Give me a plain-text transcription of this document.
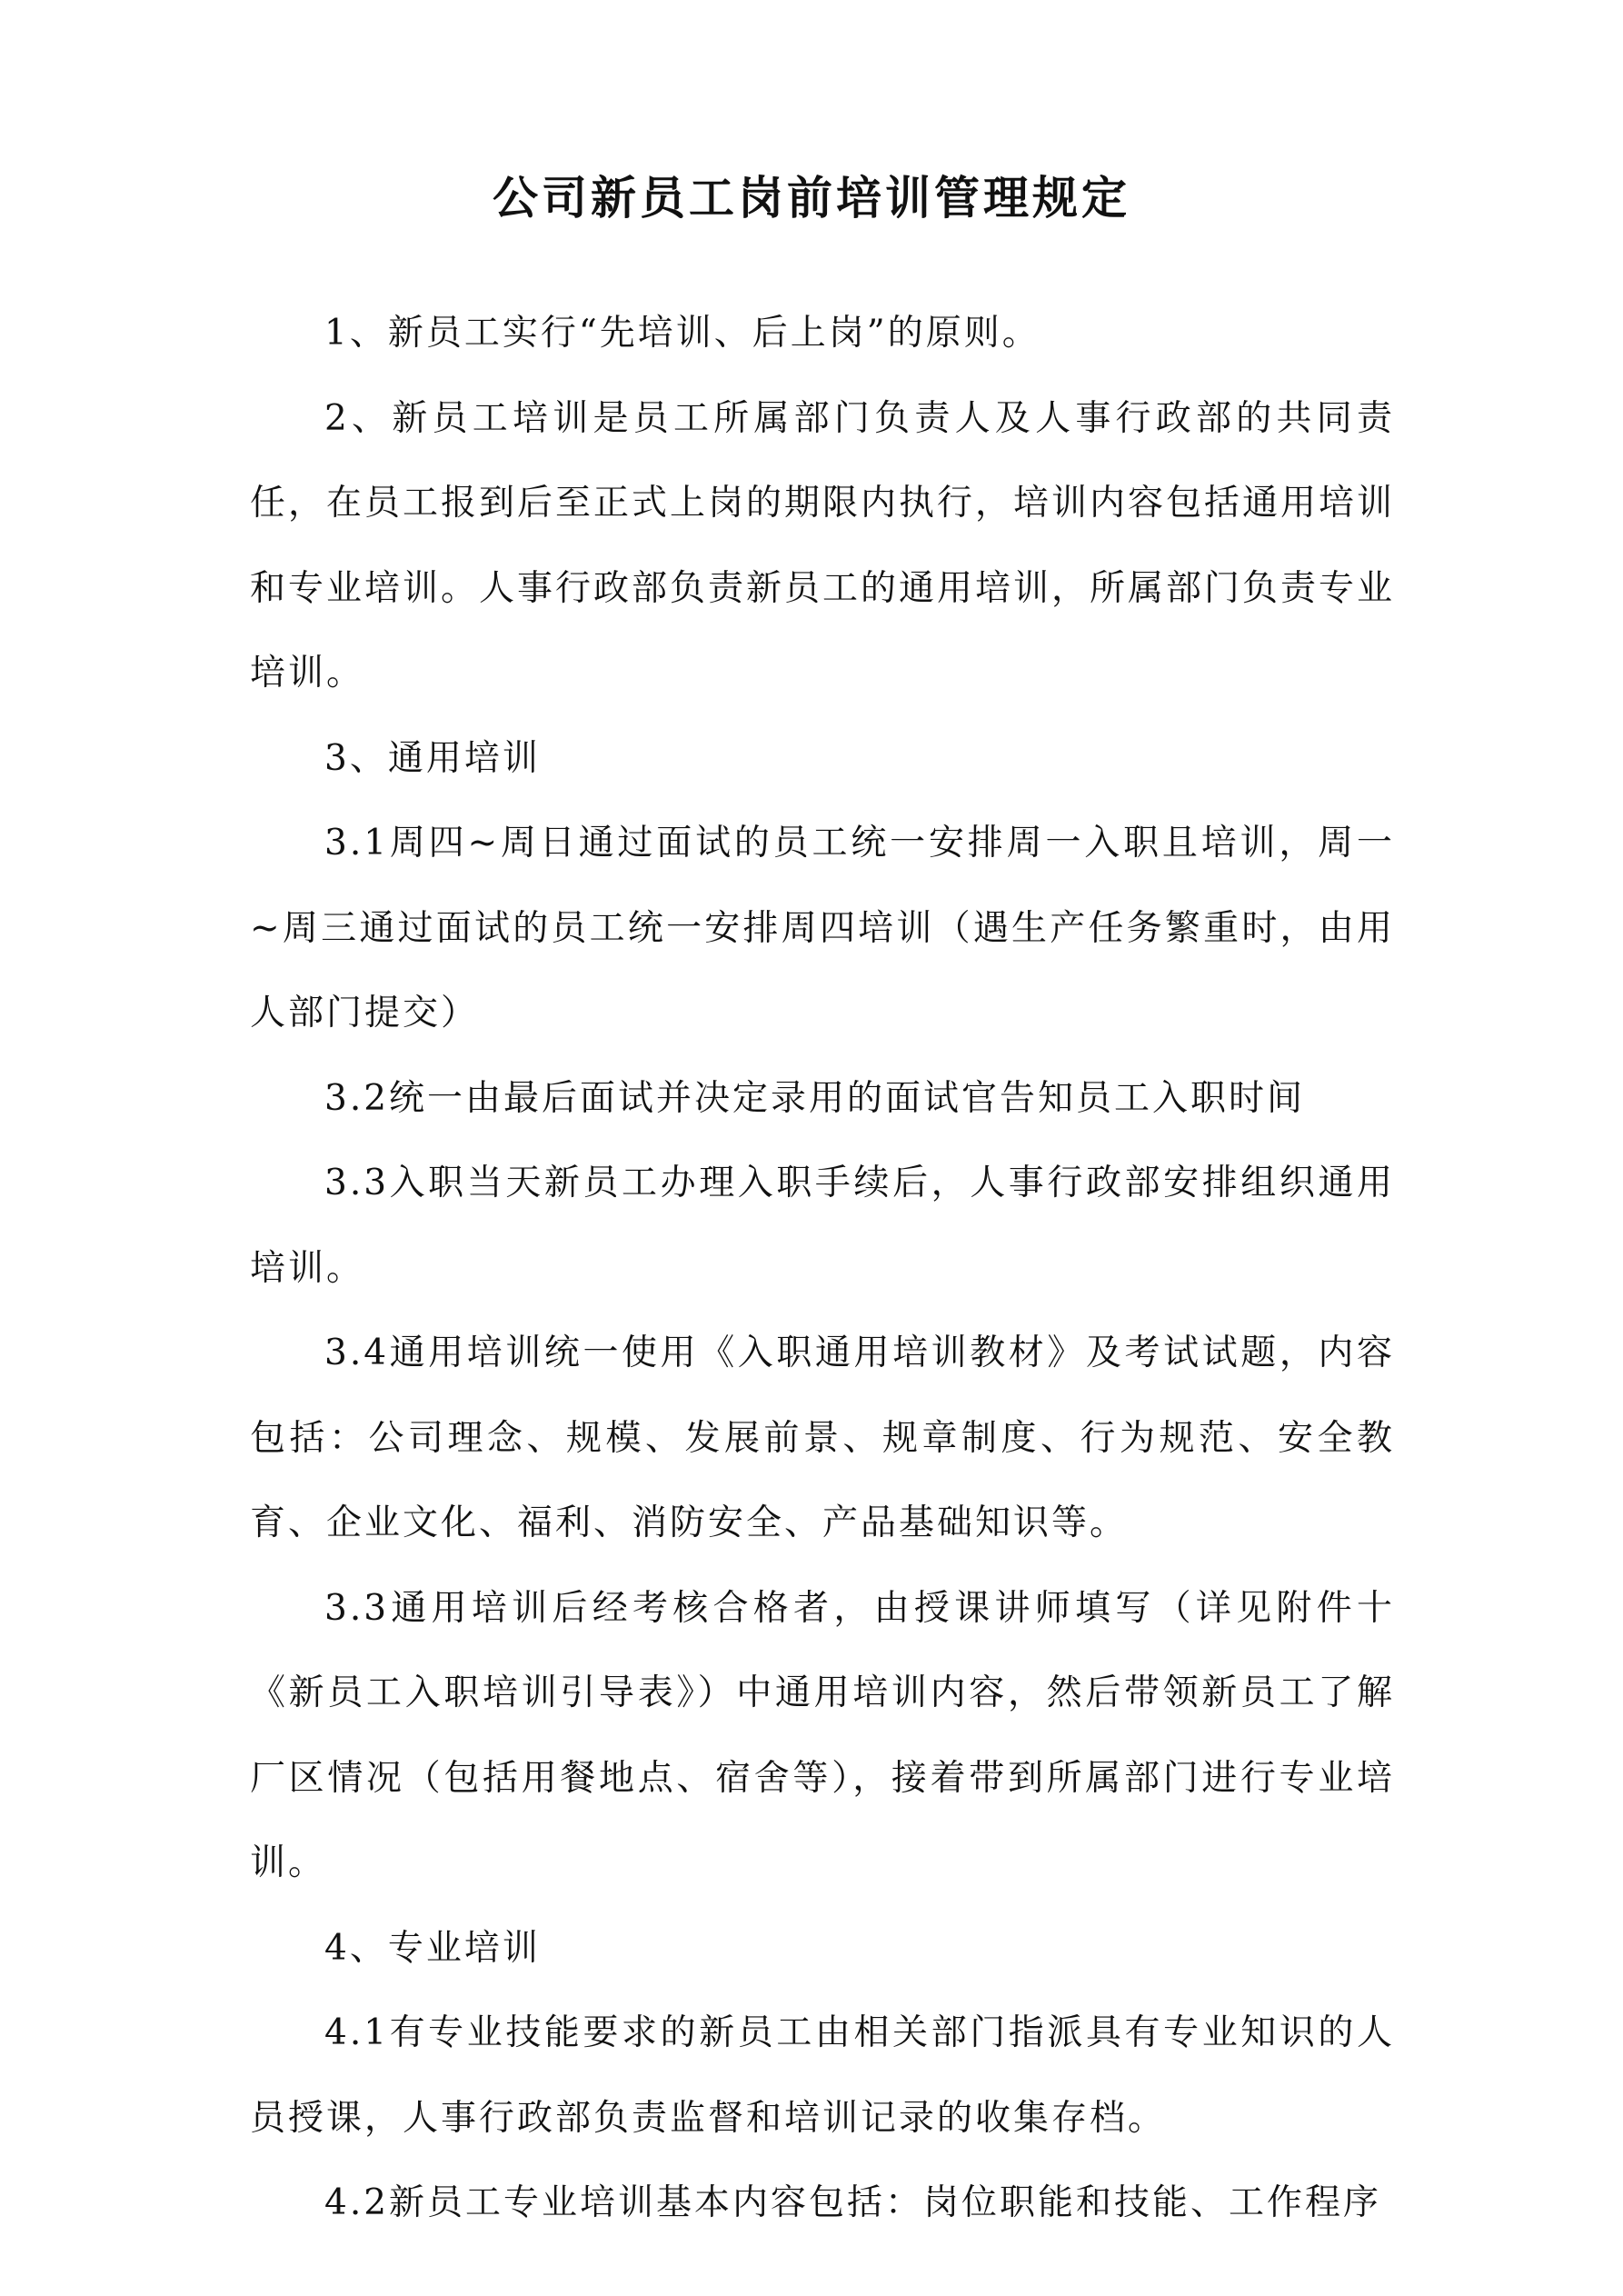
公司新员工岗前培训管理规定

1、新员工实行“先培训、后上岗”的原则。

2、新员工培训是员工所属部门负责人及人事行政部的共同责任，在员工报到后至正式上岗的期限内执行，培训内容包括通用培训和专业培训。人事行政部负责新员工的通用培训，所属部门负责专业培训。

3、通用培训

3.1周四~周日通过面试的员工统一安排周一入职且培训，周一~周三通过面试的员工统一安排周四培训（遇生产任务繁重时，由用人部门提交）

3.2统一由最后面试并决定录用的面试官告知员工入职时间

3.3入职当天新员工办理入职手续后，人事行政部安排组织通用培训。

3.4通用培训统一使用《入职通用培训教材》及考试试题，内容包括：公司理念、规模、发展前景、规章制度、行为规范、安全教育、企业文化、福利、消防安全、产品基础知识等。

3.3通用培训后经考核合格者，由授课讲师填写（详见附件十《新员工入职培训引导表》）中通用培训内容，然后带领新员工了解厂区情况（包括用餐地点、宿舍等），接着带到所属部门进行专业培训。

4、专业培训

4.1有专业技能要求的新员工由相关部门指派具有专业知识的人员授课，人事行政部负责监督和培训记录的收集存档。

4.2新员工专业培训基本内容包括：岗位职能和技能、工作程序
